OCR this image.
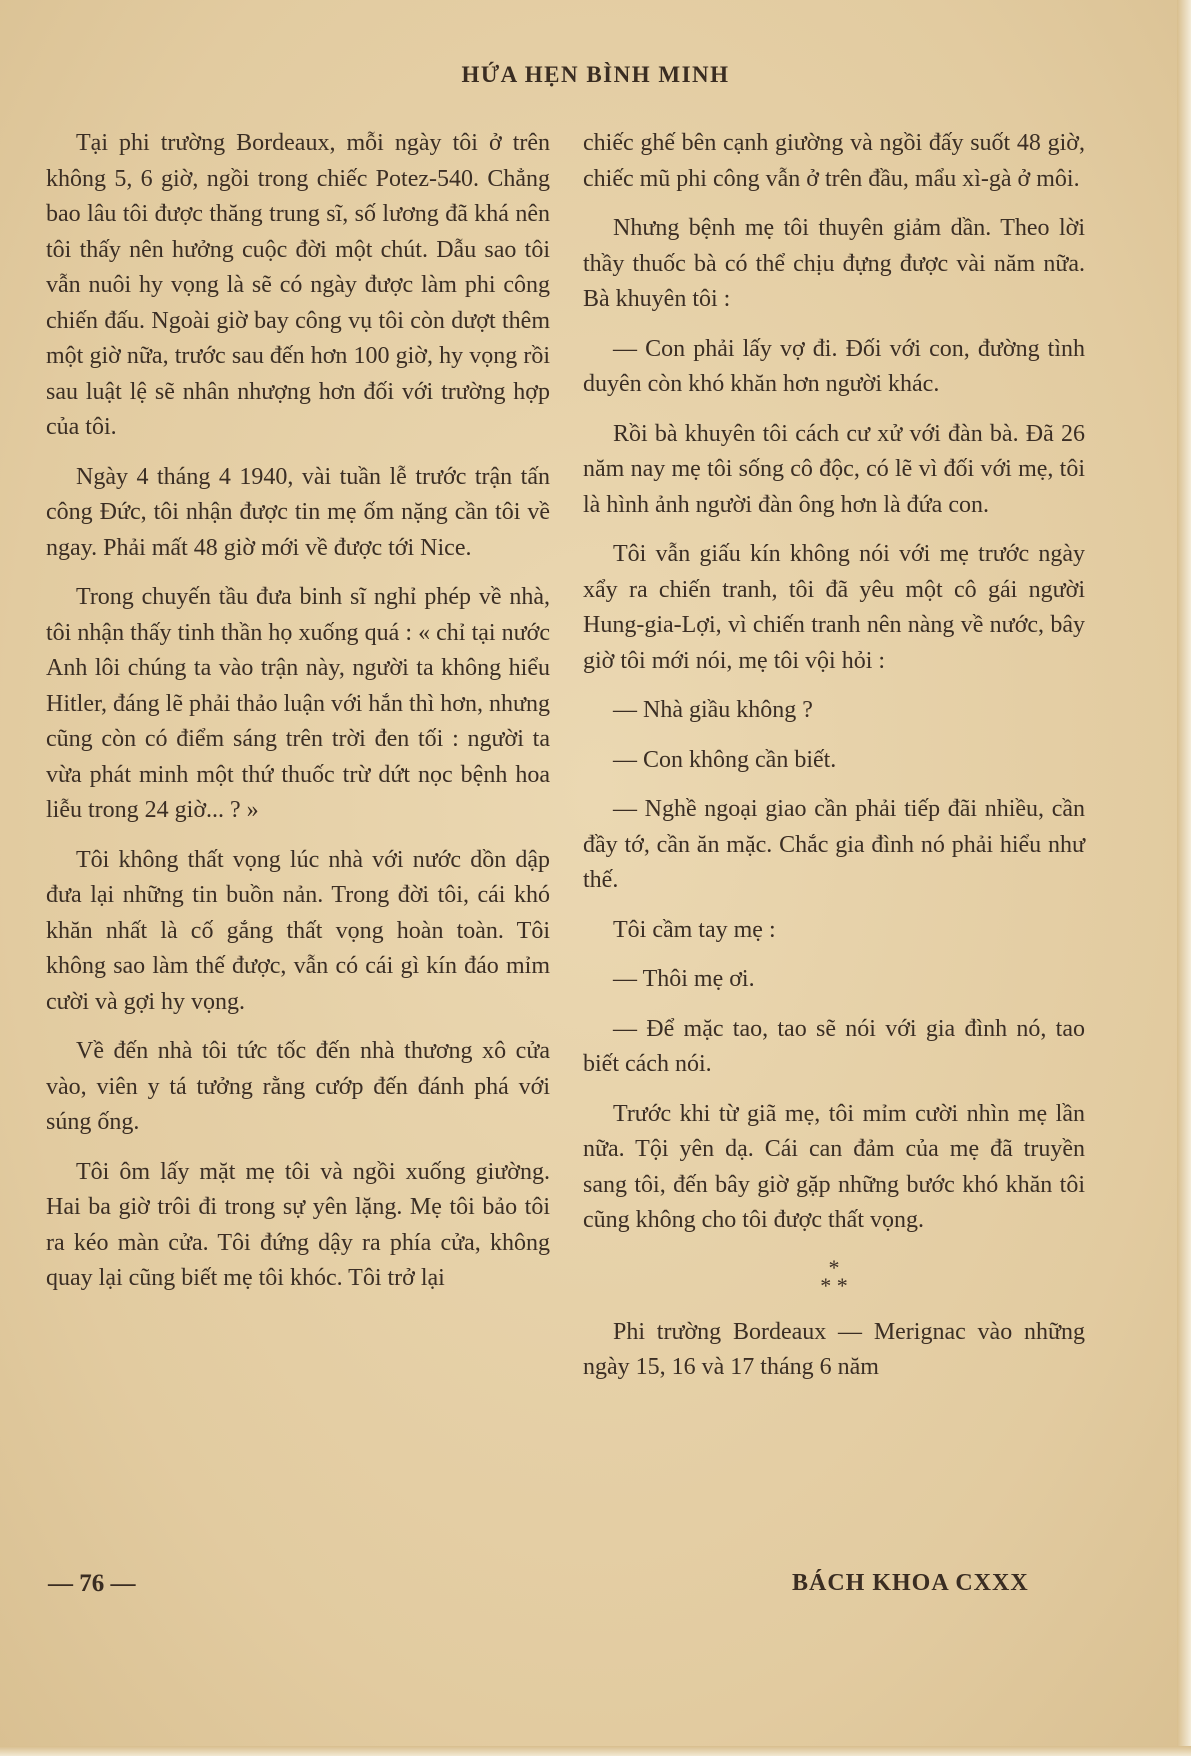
HỨA HẸN BÌNH MINH

Tại phi trường Bordeaux, mỗi ngày tôi ở trên không 5, 6 giờ, ngồi trong chiếc Potez-540. Chẳng bao lâu tôi được thăng trung sĩ, số lương đã khá nên tôi thấy nên hưởng cuộc đời một chút. Dẫu sao tôi vẫn nuôi hy vọng là sẽ có ngày được làm phi công chiến đấu. Ngoài giờ bay công vụ tôi còn dượt thêm một giờ nữa, trước sau đến hơn 100 giờ, hy vọng rồi sau luật lệ sẽ nhân nhượng hơn đối với trường hợp của tôi.

Ngày 4 tháng 4 1940, vài tuần lễ trước trận tấn công Đức, tôi nhận được tin mẹ ốm nặng cần tôi về ngay. Phải mất 48 giờ mới về được tới Nice.

Trong chuyến tầu đưa binh sĩ nghỉ phép về nhà, tôi nhận thấy tinh thần họ xuống quá : « chỉ tại nước Anh lôi chúng ta vào trận này, người ta không hiểu Hitler, đáng lẽ phải thảo luận với hắn thì hơn, nhưng cũng còn có điểm sáng trên trời đen tối : người ta vừa phát minh một thứ thuốc trừ dứt nọc bệnh hoa liễu trong 24 giờ... ? »

Tôi không thất vọng lúc nhà với nước dồn dập đưa lại những tin buồn nản. Trong đời tôi, cái khó khăn nhất là cố gắng thất vọng hoàn toàn. Tôi không sao làm thế được, vẫn có cái gì kín đáo mỉm cười và gợi hy vọng.

Về đến nhà tôi tức tốc đến nhà thương xô cửa vào, viên y tá tưởng rằng cướp đến đánh phá với súng ống.

Tôi ôm lấy mặt mẹ tôi và ngồi xuống giường. Hai ba giờ trôi đi trong sự yên lặng. Mẹ tôi bảo tôi ra kéo màn cửa. Tôi đứng dậy ra phía cửa, không quay lại cũng biết mẹ tôi khóc. Tôi trở lại

chiếc ghế bên cạnh giường và ngồi đấy suốt 48 giờ, chiếc mũ phi công vẫn ở trên đầu, mẩu xì-gà ở môi.

Nhưng bệnh mẹ tôi thuyên giảm dần. Theo lời thầy thuốc bà có thể chịu đựng được vài năm nữa. Bà khuyên tôi :

— Con phải lấy vợ đi. Đối với con, đường tình duyên còn khó khăn hơn người khác.

Rồi bà khuyên tôi cách cư xử với đàn bà. Đã 26 năm nay mẹ tôi sống cô độc, có lẽ vì đối với mẹ, tôi là hình ảnh người đàn ông hơn là đứa con.

Tôi vẫn giấu kín không nói với mẹ trước ngày xẩy ra chiến tranh, tôi đã yêu một cô gái người Hung-gia-Lợi, vì chiến tranh nên nàng về nước, bây giờ tôi mới nói, mẹ tôi vội hỏi :

— Nhà giầu không ?

— Con không cần biết.

— Nghề ngoại giao cần phải tiếp đãi nhiều, cần đầy tớ, cần ăn mặc. Chắc gia đình nó phải hiểu như thế.

Tôi cầm tay mẹ :

— Thôi mẹ ơi.

— Để mặc tao, tao sẽ nói với gia đình nó, tao biết cách nói.

Trước khi từ giã mẹ, tôi mỉm cười nhìn mẹ lần nữa. Tội yên dạ. Cái can đảm của mẹ đã truyền sang tôi, đến bây giờ gặp những bước khó khăn tôi cũng không cho tôi được thất vọng.

*
* *

Phi trường Bordeaux — Merignac vào những ngày 15, 16 và 17 tháng 6 năm

— 76 —	BÁCH KHOA CXXX
